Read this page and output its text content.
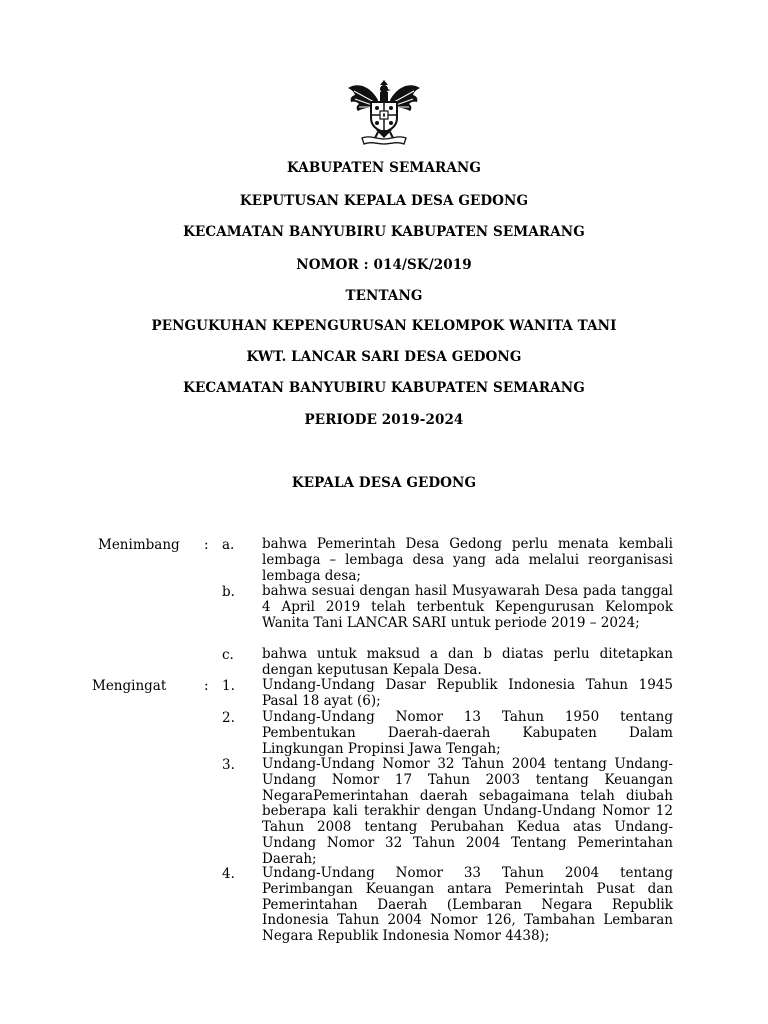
KABUPATEN SEMARANG
KEPUTUSAN KEPALA DESA GEDONG
KECAMATAN BANYUBIRU KABUPATEN SEMARANG
NOMOR : 014/SK/2019
TENTANG
PENGUKUHAN KEPENGURUSAN KELOMPOK WANITA TANI
KWT. LANCAR SARI DESA GEDONG
KECAMATAN BANYUBIRU KABUPATEN SEMARANG
PERIODE 2019-2024
KEPALA DESA GEDONG
Menimbang : a.	bahwa Pemerintah Desa Gedong perlu menata kembali lembaga – lembaga desa yang ada melalui reorganisasi lembaga desa;
b.	bahwa sesuai dengan hasil Musyawarah Desa pada tanggal 4 April 2019 telah terbentuk Kepengurusan Kelompok Wanita Tani LANCAR SARI untuk periode 2019 – 2024;
c.	bahwa untuk maksud a dan b diatas perlu ditetapkan dengan keputusan Kepala Desa.
Mengingat	: 1.	Undang-Undang Dasar Republik Indonesia Tahun 1945 Pasal 18 ayat (6);
2.	Undang-Undang Nomor 13 Tahun 1950 tentang Pembentukan Daerah-daerah Kabupaten Dalam Lingkungan Propinsi Jawa Tengah;
3.	Undang-Undang Nomor 32 Tahun 2004 tentang Undang-Undang Nomor 17 Tahun 2003 tentang Keuangan NegaraPemerintahan daerah sebagaimana telah diubah beberapa kali terakhir dengan Undang-Undang Nomor 12 Tahun 2008 tentang Perubahan Kedua atas Undang-Undang Nomor 32 Tahun 2004 Tentang Pemerintahan Daerah;
4.	Undang-Undang Nomor 33 Tahun 2004 tentang Perimbangan Keuangan antara Pemerintah Pusat dan Pemerintahan Daerah (Lembaran Negara Republik Indonesia Tahun 2004 Nomor 126, Tambahan Lembaran Negara Republik Indonesia Nomor 4438);
